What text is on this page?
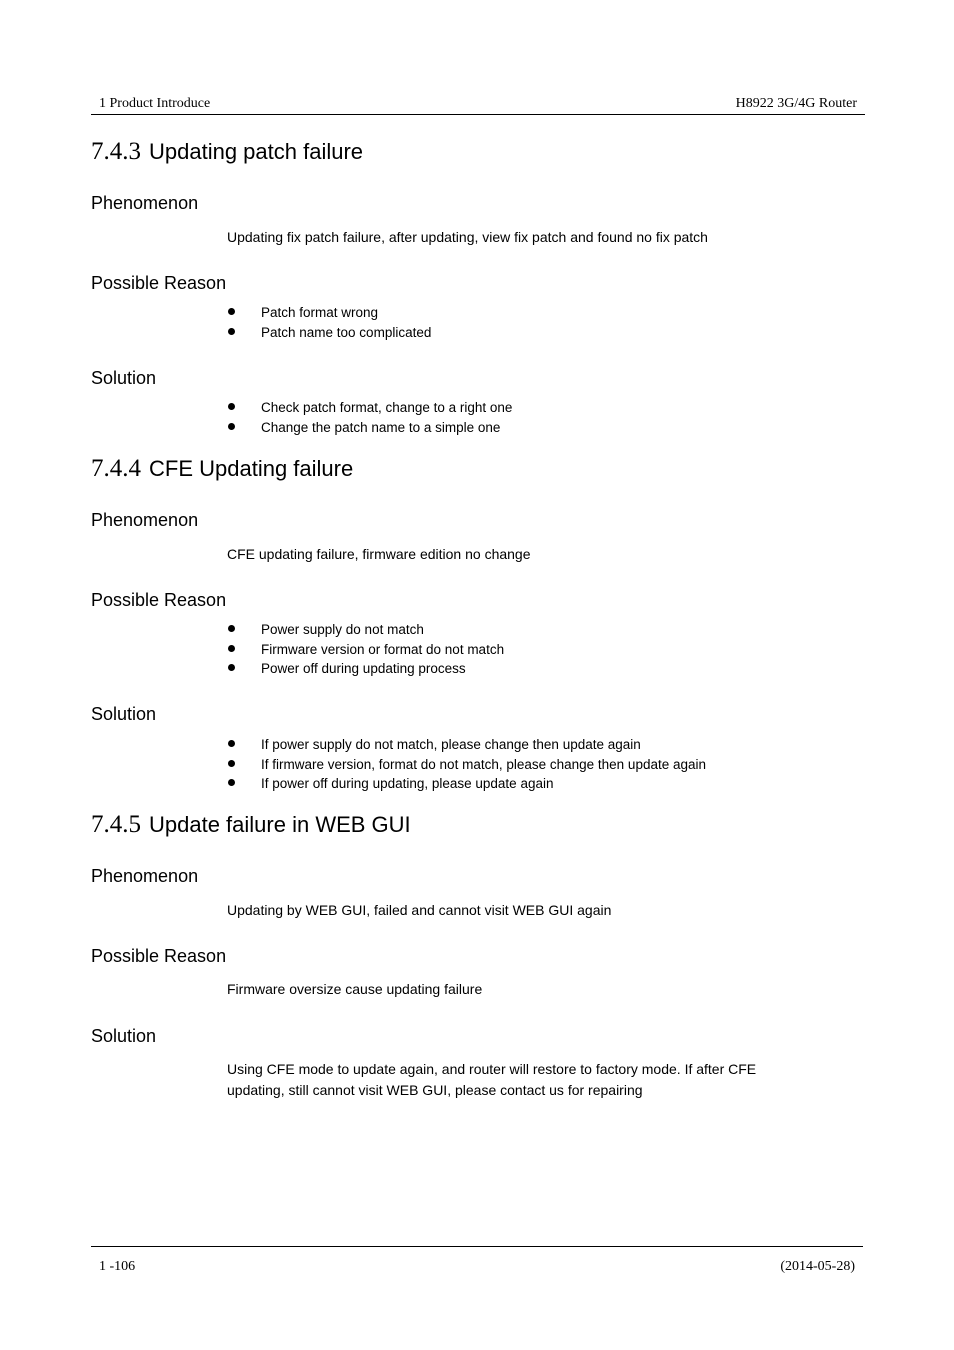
1 Product Introduce	H8922 3G/4G Router
7.4.3 Updating patch failure
Phenomenon

Updating fix patch failure, after updating, view fix patch and found no fix patch

Possible Reason
Patch format wrong
Patch name too complicated
Solution
Check patch format, change to a right one
Change the patch name to a simple one
7.4.4 CFE Updating failure
Phenomenon

CFE updating failure, firmware edition no change

Possible Reason
Power supply do not match
Firmware version or format do not match
Power off during updating process
Solution
If power supply do not match, please change then update again
If firmware version, format do not match, please change then update again
If power off during updating, please update again
7.4.5 Update failure in WEB GUI
Phenomenon

Updating by WEB GUI, failed and cannot visit WEB GUI again

Possible Reason

Firmware oversize cause updating failure

Solution

Using CFE mode to update again, and router will restore to factory mode. If after CFE updating, still cannot visit WEB GUI, please contact us for repairing

1 -106	(2014-05-28)
